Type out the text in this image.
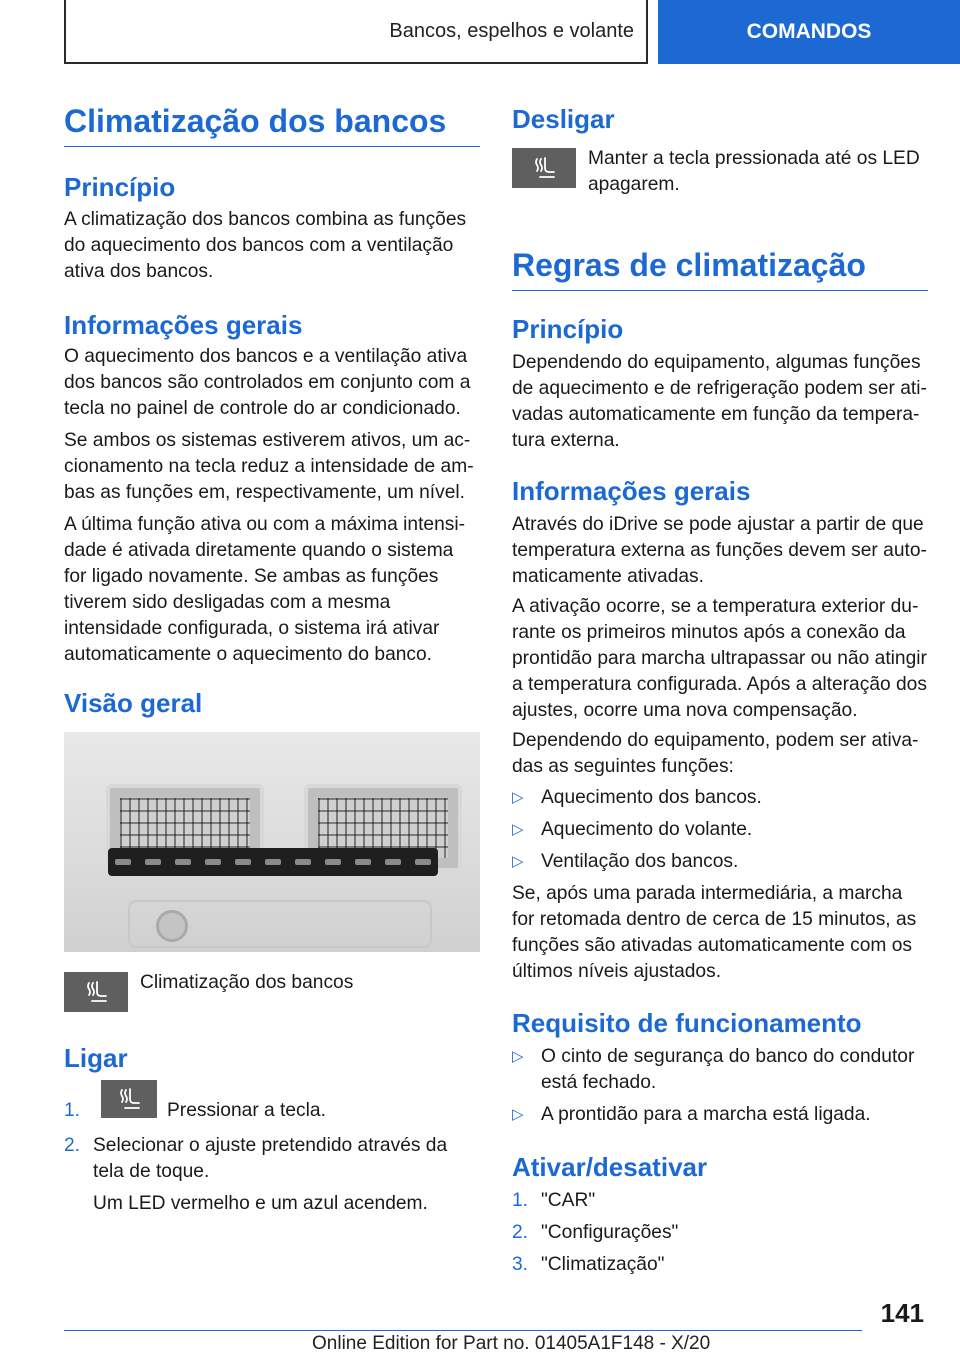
Bancos, espelhos e volante	COMANDOS
Climatização dos bancos
Princípio

A climatização dos bancos combina as funções do aquecimento dos bancos com a ventilação ativa dos bancos.

Informações gerais

O aquecimento dos bancos e a ventilação ativa dos bancos são controlados em conjunto com a tecla no painel de controle do ar condicionado.

Se ambos os sistemas estiverem ativos, um accionamento na tecla reduz a intensidade de ambas as funções em, respectivamente, um nível.

A última função ativa ou com a máxima intensidade é ativada diretamente quando o sistema for ligado novamente. Se ambas as funções tiverem sido desligadas com a mesma intensidade configurada, o sistema irá ativar automaticamente o aquecimento do banco.

Visão geral

Climatização dos bancos

Ligar
1.	Pressionar a tecla.
2. Selecionar o ajuste pretendido através da tela de toque.

Um LED vermelho e um azul acendem.

Desligar

Manter a tecla pressionada até os LED apagarem.

Regras de climatização
Princípio

Dependendo do equipamento, algumas funções de aquecimento e de refrigeração podem ser ativadas automaticamente em função da temperatura externa.

Informações gerais

Através do iDrive se pode ajustar a partir de que temperatura externa as funções devem ser automaticamente ativadas.

A ativação ocorre, se a temperatura exterior durante os primeiros minutos após a conexão da prontidão para marcha ultrapassar ou não atingir a temperatura configurada. Após a alteração dos ajustes, ocorre uma nova compensação.

Dependendo do equipamento, podem ser ativadas as seguintes funções:

▷ Aquecimento dos bancos.
▷ Aquecimento do volante.
▷ Ventilação dos bancos.

Se, após uma parada intermediária, a marcha for retomada dentro de cerca de 15 minutos, as funções são ativadas automaticamente com os últimos níveis ajustados.

Requisito de funcionamento
▷ O cinto de segurança do banco do condutor está fechado.
▷ A prontidão para a marcha está ligada.
Ativar/desativar
1. "CAR"
2. "Configurações"
3. "Climatização"
141
Online Edition for Part no. 01405A1F148 - X/20
